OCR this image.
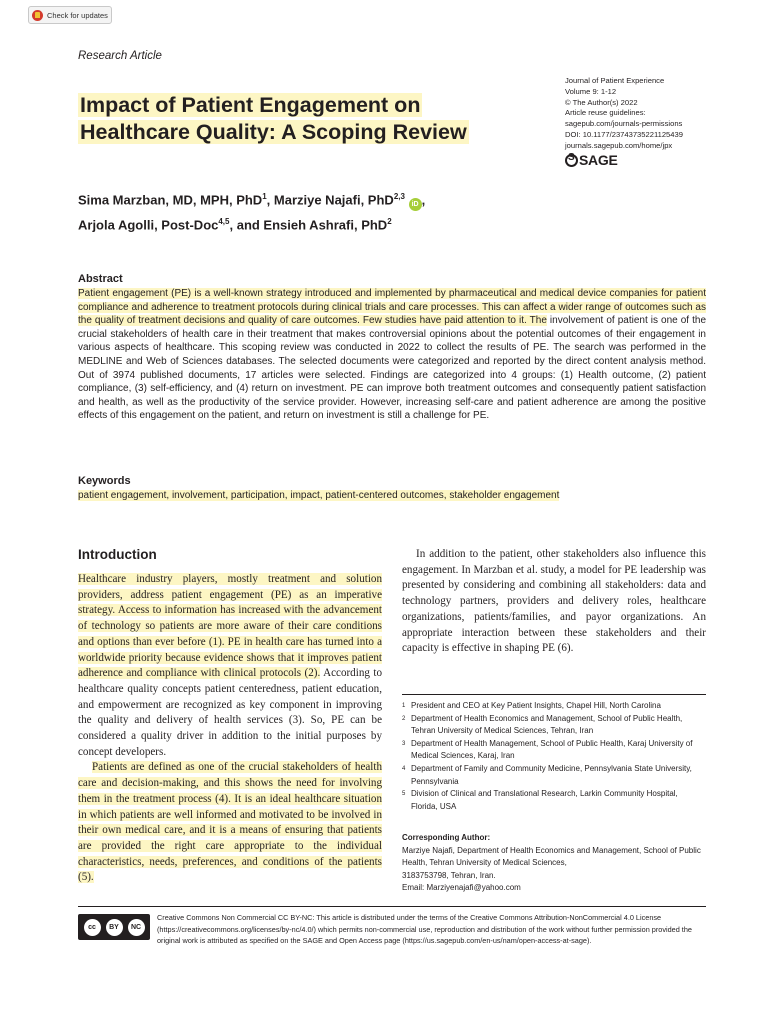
Check for updates
Research Article
Impact of Patient Engagement on
Healthcare Quality: A Scoping Review
Journal of Patient Experience
Volume 9: 1-12
© The Author(s) 2022
Article reuse guidelines:
sagepub.com/journals-permissions
DOI: 10.1177/23743735221125439
journals.sagepub.com/home/jpx
S
SAGE
Sima Marzban, MD, MPH, PhD$^1$, Marziye Najafi, PhD$^{2,3}$ iD ,
Arjola Agolli, Post-Doc$^{4,5}$, and Ensieh Ashrafi, PhD$^2$
Abstract
Patient engagement (PE) is a well-known strategy introduced and implemented by pharmaceutical and medical device companies for patient compliance and adherence to treatment protocols during clinical trials and care processes. This can affect a wider range of outcomes such as the quality of treatment decisions and quality of care outcomes. Few studies have paid attention to it. The involvement of patient is one of the crucial stakeholders of health care in their treatment that makes controversial opinions about the potential outcomes of their engagement in various aspects of healthcare. This scoping review was conducted in 2022 to collect the results of PE. The search was performed in the MEDLINE and Web of Sciences databases. The selected documents were categorized and reported by the direct content analysis method. Out of 3974 published documents, 17 articles were selected. Findings are categorized into 4 groups: (1) Health outcome, (2) patient compliance, (3) self-efficiency, and (4) return on investment. PE can improve both treatment outcomes and consequently patient satisfaction and health, as well as the productivity of the service provider. However, increasing self-care and patient adherence are among the positive effects of this engagement on the patient, and return on investment is still a challenge for PE.
Keywords
patient engagement, involvement, participation, impact, patient-centered outcomes, stakeholder engagement
Introduction

Healthcare industry players, mostly treatment and solution providers, address patient engagement (PE) as an imperative strategy. Access to information has increased with the advancement of technology so patients are more aware of their care conditions and options than ever before (1). PE in health care has turned into a worldwide priority because evidence shows that it improves patient adherence and compliance with clinical protocols (2). According to healthcare quality concepts patient centeredness, patient education, and empowerment are recognized as key component in improving the quality and delivery of health services (3). So, PE can be considered a quality driver in addition to the initial purposes by concept developers.

Patients are defined as one of the crucial stakeholders of health care and decision-making, and this shows the need for involving them in the treatment process (4). It is an ideal healthcare situation in which patients are well informed and motivated to be involved in their own medical care, and it is a means of ensuring that patients are provided the right care appropriate to the individual characteristics, needs, preferences, and conditions of the patients (5).

In addition to the patient, other stakeholders also influence this engagement. In Marzban et al. study, a model for PE leadership was presented by considering and combining all stakeholders: data and technology partners, providers and delivery roles, healthcare organizations, patients/families, and payor organizations. An appropriate interaction between these stakeholders and their capacity is effective in shaping PE (6).

1 President and CEO at Key Patient Insights, Chapel Hill, North Carolina
2 Department of Health Economics and Management, School of Public Health, Tehran University of Medical Sciences, Tehran, Iran
3 Department of Health Management, School of Public Health, Karaj University of Medical Sciences, Karaj, Iran
4 Department of Family and Community Medicine, Pennsylvania State University, Pennsylvania
5 Division of Clinical and Translational Research, Larkin Community Hospital, Florida, USA
Corresponding Author:
Marziye Najafi, Department of Health Economics and Management, School of Public Health, Tehran University of Medical Sciences,
3183753798, Tehran, Iran.
Email: Marziyenajafi@yahoo.com
cc	BY	NC
Creative Commons Non Commercial CC BY-NC: This article is distributed under the terms of the Creative Commons Attribution-NonCommercial 4.0 License (https://creativecommons.org/licenses/by-nc/4.0/) which permits non-commercial use, reproduction and distribution of the work without further permission provided the original work is attributed as specified on the SAGE and Open Access page (https://us.sagepub.com/en-us/nam/open-access-at-sage).
